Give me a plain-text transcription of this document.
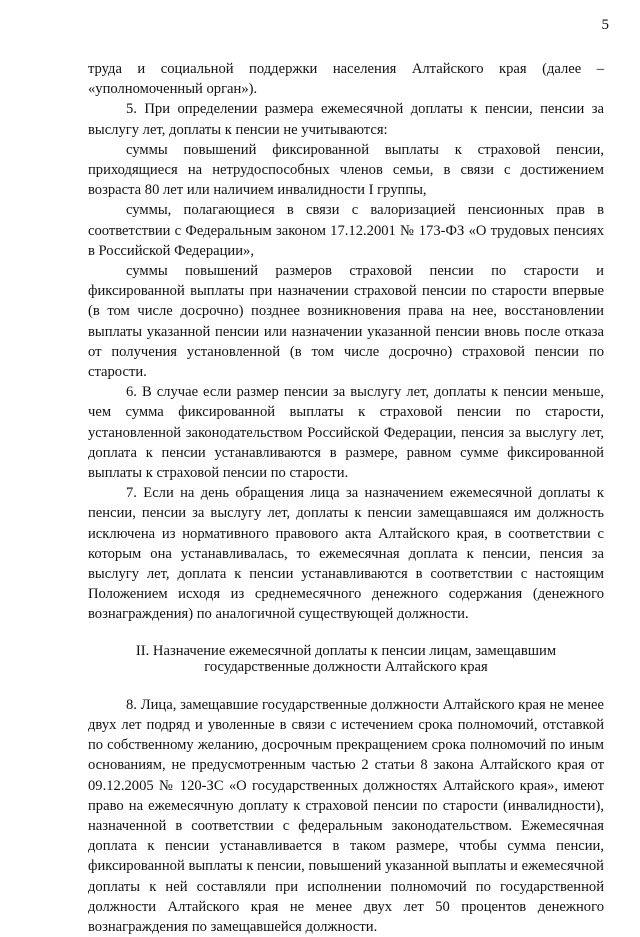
5

труда и социальной поддержки населения Алтайского края (далее – «уполномоченный орган»).

5. При определении размера ежемесячной доплаты к пенсии, пенсии за выслугу лет, доплаты к пенсии не учитываются:

суммы повышений фиксированной выплаты к страховой пенсии, приходящиеся на нетрудоспособных членов семьи, в связи с достижением возраста 80 лет или наличием инвалидности I группы,

суммы, полагающиеся в связи с валоризацией пенсионных прав в соответствии с Федеральным законом 17.12.2001 № 173-ФЗ «О трудовых пенсиях в Российской Федерации»,

суммы повышений размеров страховой пенсии по старости и фиксированной выплаты при назначении страховой пенсии по старости впервые (в том числе досрочно) позднее возникновения права на нее, восстановлении выплаты указанной пенсии или назначении указанной пенсии вновь после отказа от получения установленной (в том числе досрочно) страховой пенсии по старости.

6. В случае если размер пенсии за выслугу лет, доплаты к пенсии меньше, чем сумма фиксированной выплаты к страховой пенсии по старости, установленной законодательством Российской Федерации, пенсия за выслугу лет, доплата к пенсии устанавливаются в размере, равном сумме фиксированной выплаты к страховой пенсии по старости.

7. Если на день обращения лица за назначением ежемесячной доплаты к пенсии, пенсии за выслугу лет, доплаты к пенсии замещавшаяся им должность исключена из нормативного правового акта Алтайского края, в соответствии с которым она устанавливалась, то ежемесячная доплата к пенсии, пенсия за выслугу лет, доплата к пенсии устанавливаются в соответствии с настоящим Положением исходя из среднемесячного денежного содержания (денежного вознаграждения) по аналогичной существующей должности.

II. Назначение ежемесячной доплаты к пенсии лицам, замещавшим
государственные должности Алтайского края

8. Лица, замещавшие государственные должности Алтайского края не менее двух лет подряд и уволенные в связи с истечением срока полномочий, отставкой по собственному желанию, досрочным прекращением срока полномочий по иным основаниям, не предусмотренным частью 2 статьи 8 закона Алтайского края от 09.12.2005 № 120-ЗС «О государственных должностях Алтайского края», имеют право на ежемесячную доплату к страховой пенсии по старости (инвалидности), назначенной в соответствии с федеральным законодательством. Ежемесячная доплата к пенсии устанавливается в таком размере, чтобы сумма пенсии, фиксированной выплаты к пенсии, повышений указанной выплаты и ежемесячной доплаты к ней составляли при исполнении полномочий по государственной должности Алтайского края не менее двух лет 50 процентов денежного вознаграждения по замещавшейся должности.
